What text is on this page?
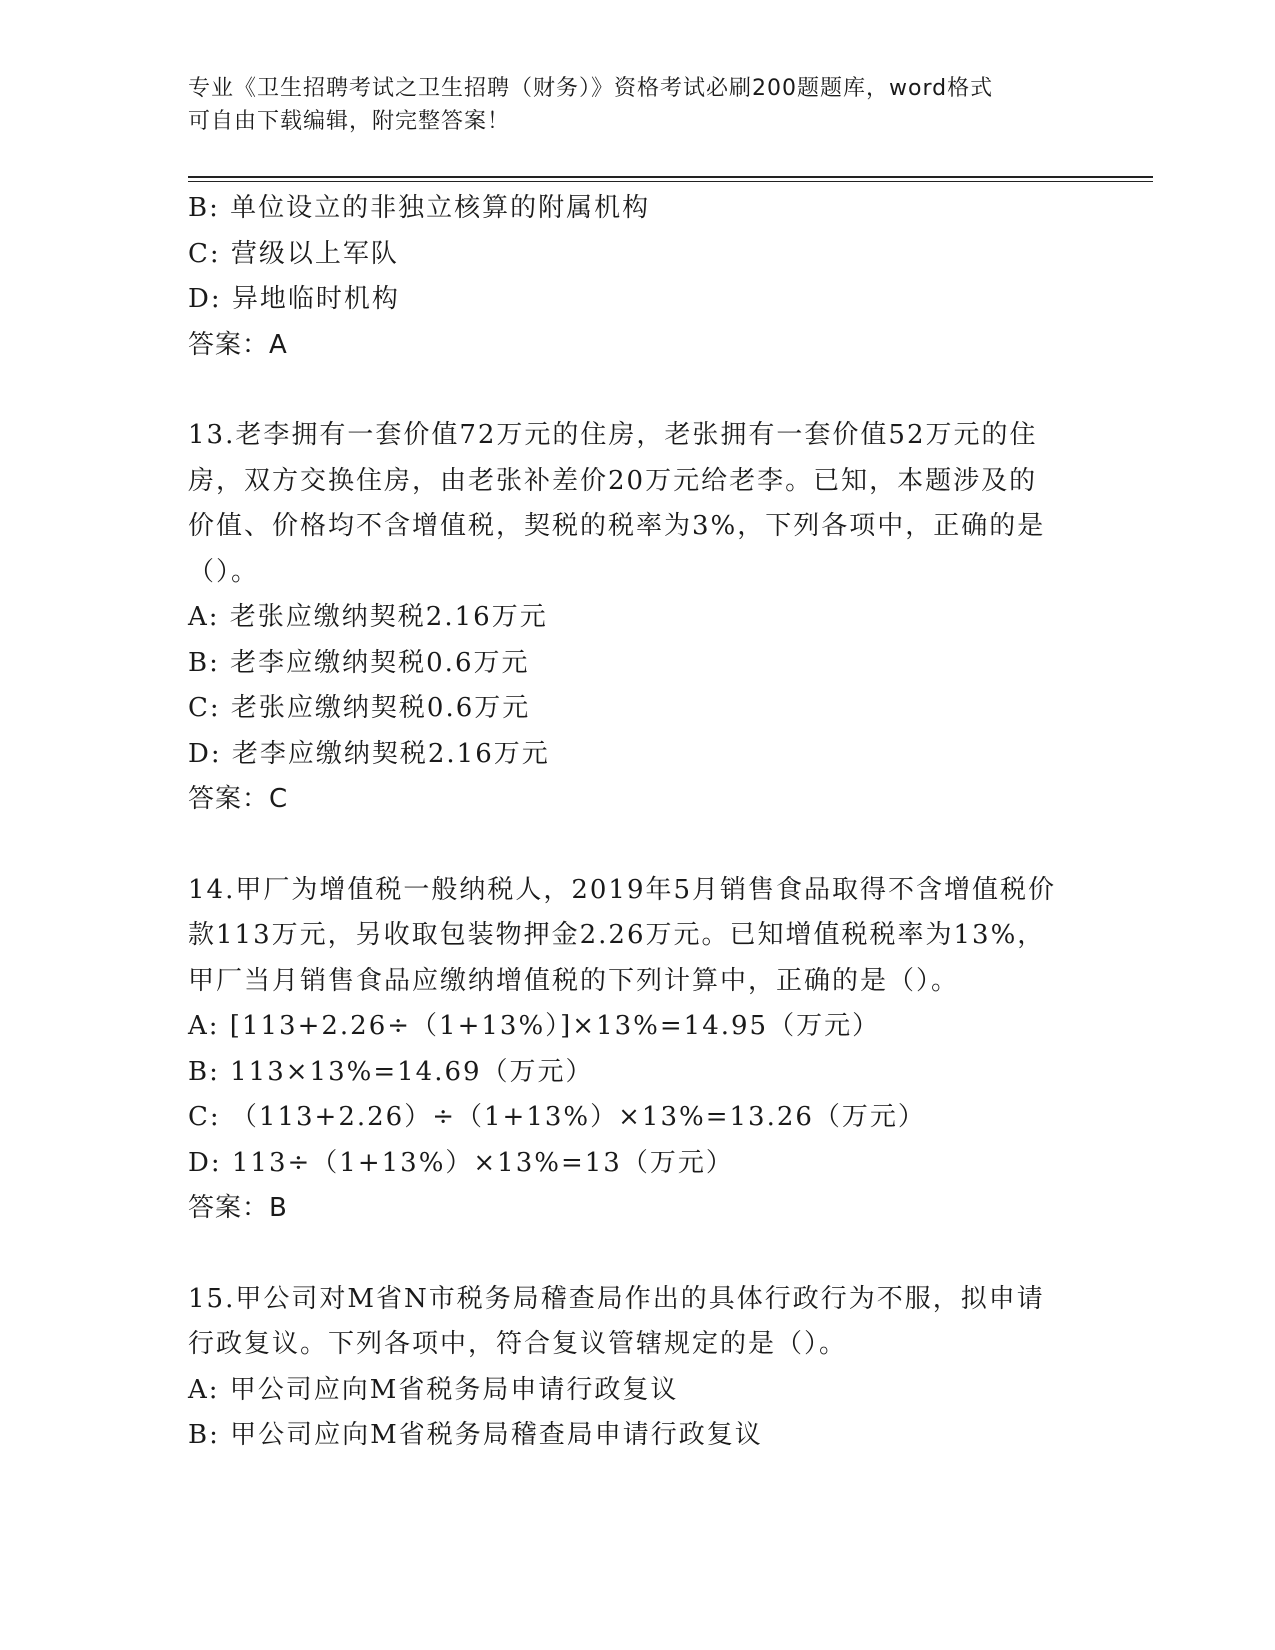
专业《卫生招聘考试之卫生招聘（财务）》资格考试必刷200题题库，word格式
可自由下载编辑，附完整答案！
B: 单位设立的非独立核算的附属机构
C: 营级以上军队
D: 异地临时机构
答案：A
13.老李拥有一套价值72万元的住房，老张拥有一套价值52万元的住
房，双方交换住房，由老张补差价20万元给老李。已知，本题涉及的
价值、价格均不含增值税，契税的税率为3%，下列各项中，正确的是
（）。
A: 老张应缴纳契税2.16万元
B: 老李应缴纳契税0.6万元
C: 老张应缴纳契税0.6万元
D: 老李应缴纳契税2.16万元
答案：C
14.甲厂为增值税一般纳税人，2019年5月销售食品取得不含增值税价
款113万元，另收取包装物押金2.26万元。已知增值税税率为13%，
甲厂当月销售食品应缴纳增值税的下列计算中，正确的是（）。
A: [113+2.26÷（1+13%）]×13%=14.95（万元）
B: 113×13%=14.69（万元）
C: （113+2.26）÷（1+13%）×13%=13.26（万元）
D: 113÷（1+13%）×13%=13（万元）
答案：B
15.甲公司对M省N市税务局稽查局作出的具体行政行为不服，拟申请
行政复议。下列各项中，符合复议管辖规定的是（）。
A: 甲公司应向M省税务局申请行政复议
B: 甲公司应向M省税务局稽查局申请行政复议
